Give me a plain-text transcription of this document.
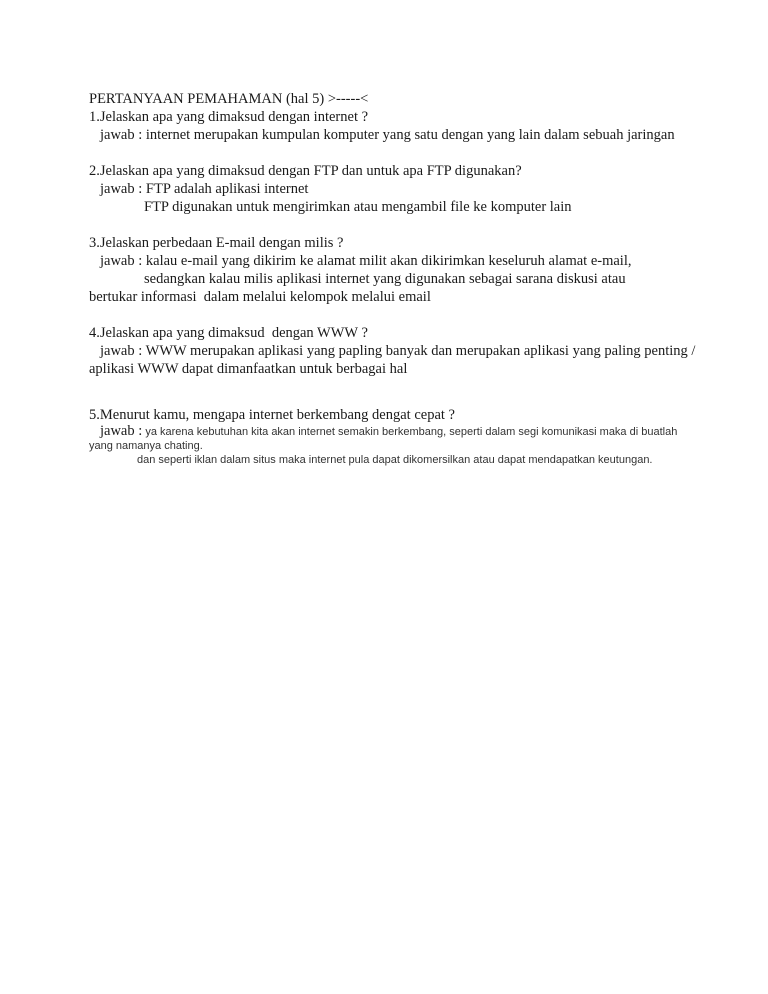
PERTANYAAN PEMAHAMAN (hal 5) >-----<
1.Jelaskan apa yang dimaksud dengan internet ?
jawab : internet merupakan kumpulan komputer yang satu dengan yang lain dalam sebuah jaringan
2.Jelaskan apa yang dimaksud dengan FTP dan untuk apa FTP digunakan?
jawab : FTP adalah aplikasi internet
FTP digunakan untuk mengirimkan atau mengambil file ke komputer lain
3.Jelaskan perbedaan E-mail dengan milis ?
jawab : kalau e-mail yang dikirim ke alamat milit akan dikirimkan keseluruh alamat e-mail,
sedangkan kalau milis aplikasi internet yang digunakan sebagai sarana diskusi atau
bertukar informasi  dalam melalui kelompok melalui email
4.Jelaskan apa yang dimaksud  dengan WWW ?
jawab : WWW merupakan aplikasi yang papling banyak dan merupakan aplikasi yang paling penting / aplikasi WWW dapat dimanfaatkan untuk berbagai hal
5.Menurut kamu, mengapa internet berkembang dengat cepat ?
jawab : ya karena kebutuhan kita akan internet semakin berkembang, seperti dalam segi komunikasi maka di buatlah yang namanya chating.
dan seperti iklan dalam situs maka internet pula dapat dikomersilkan atau dapat mendapatkan keutungan.
